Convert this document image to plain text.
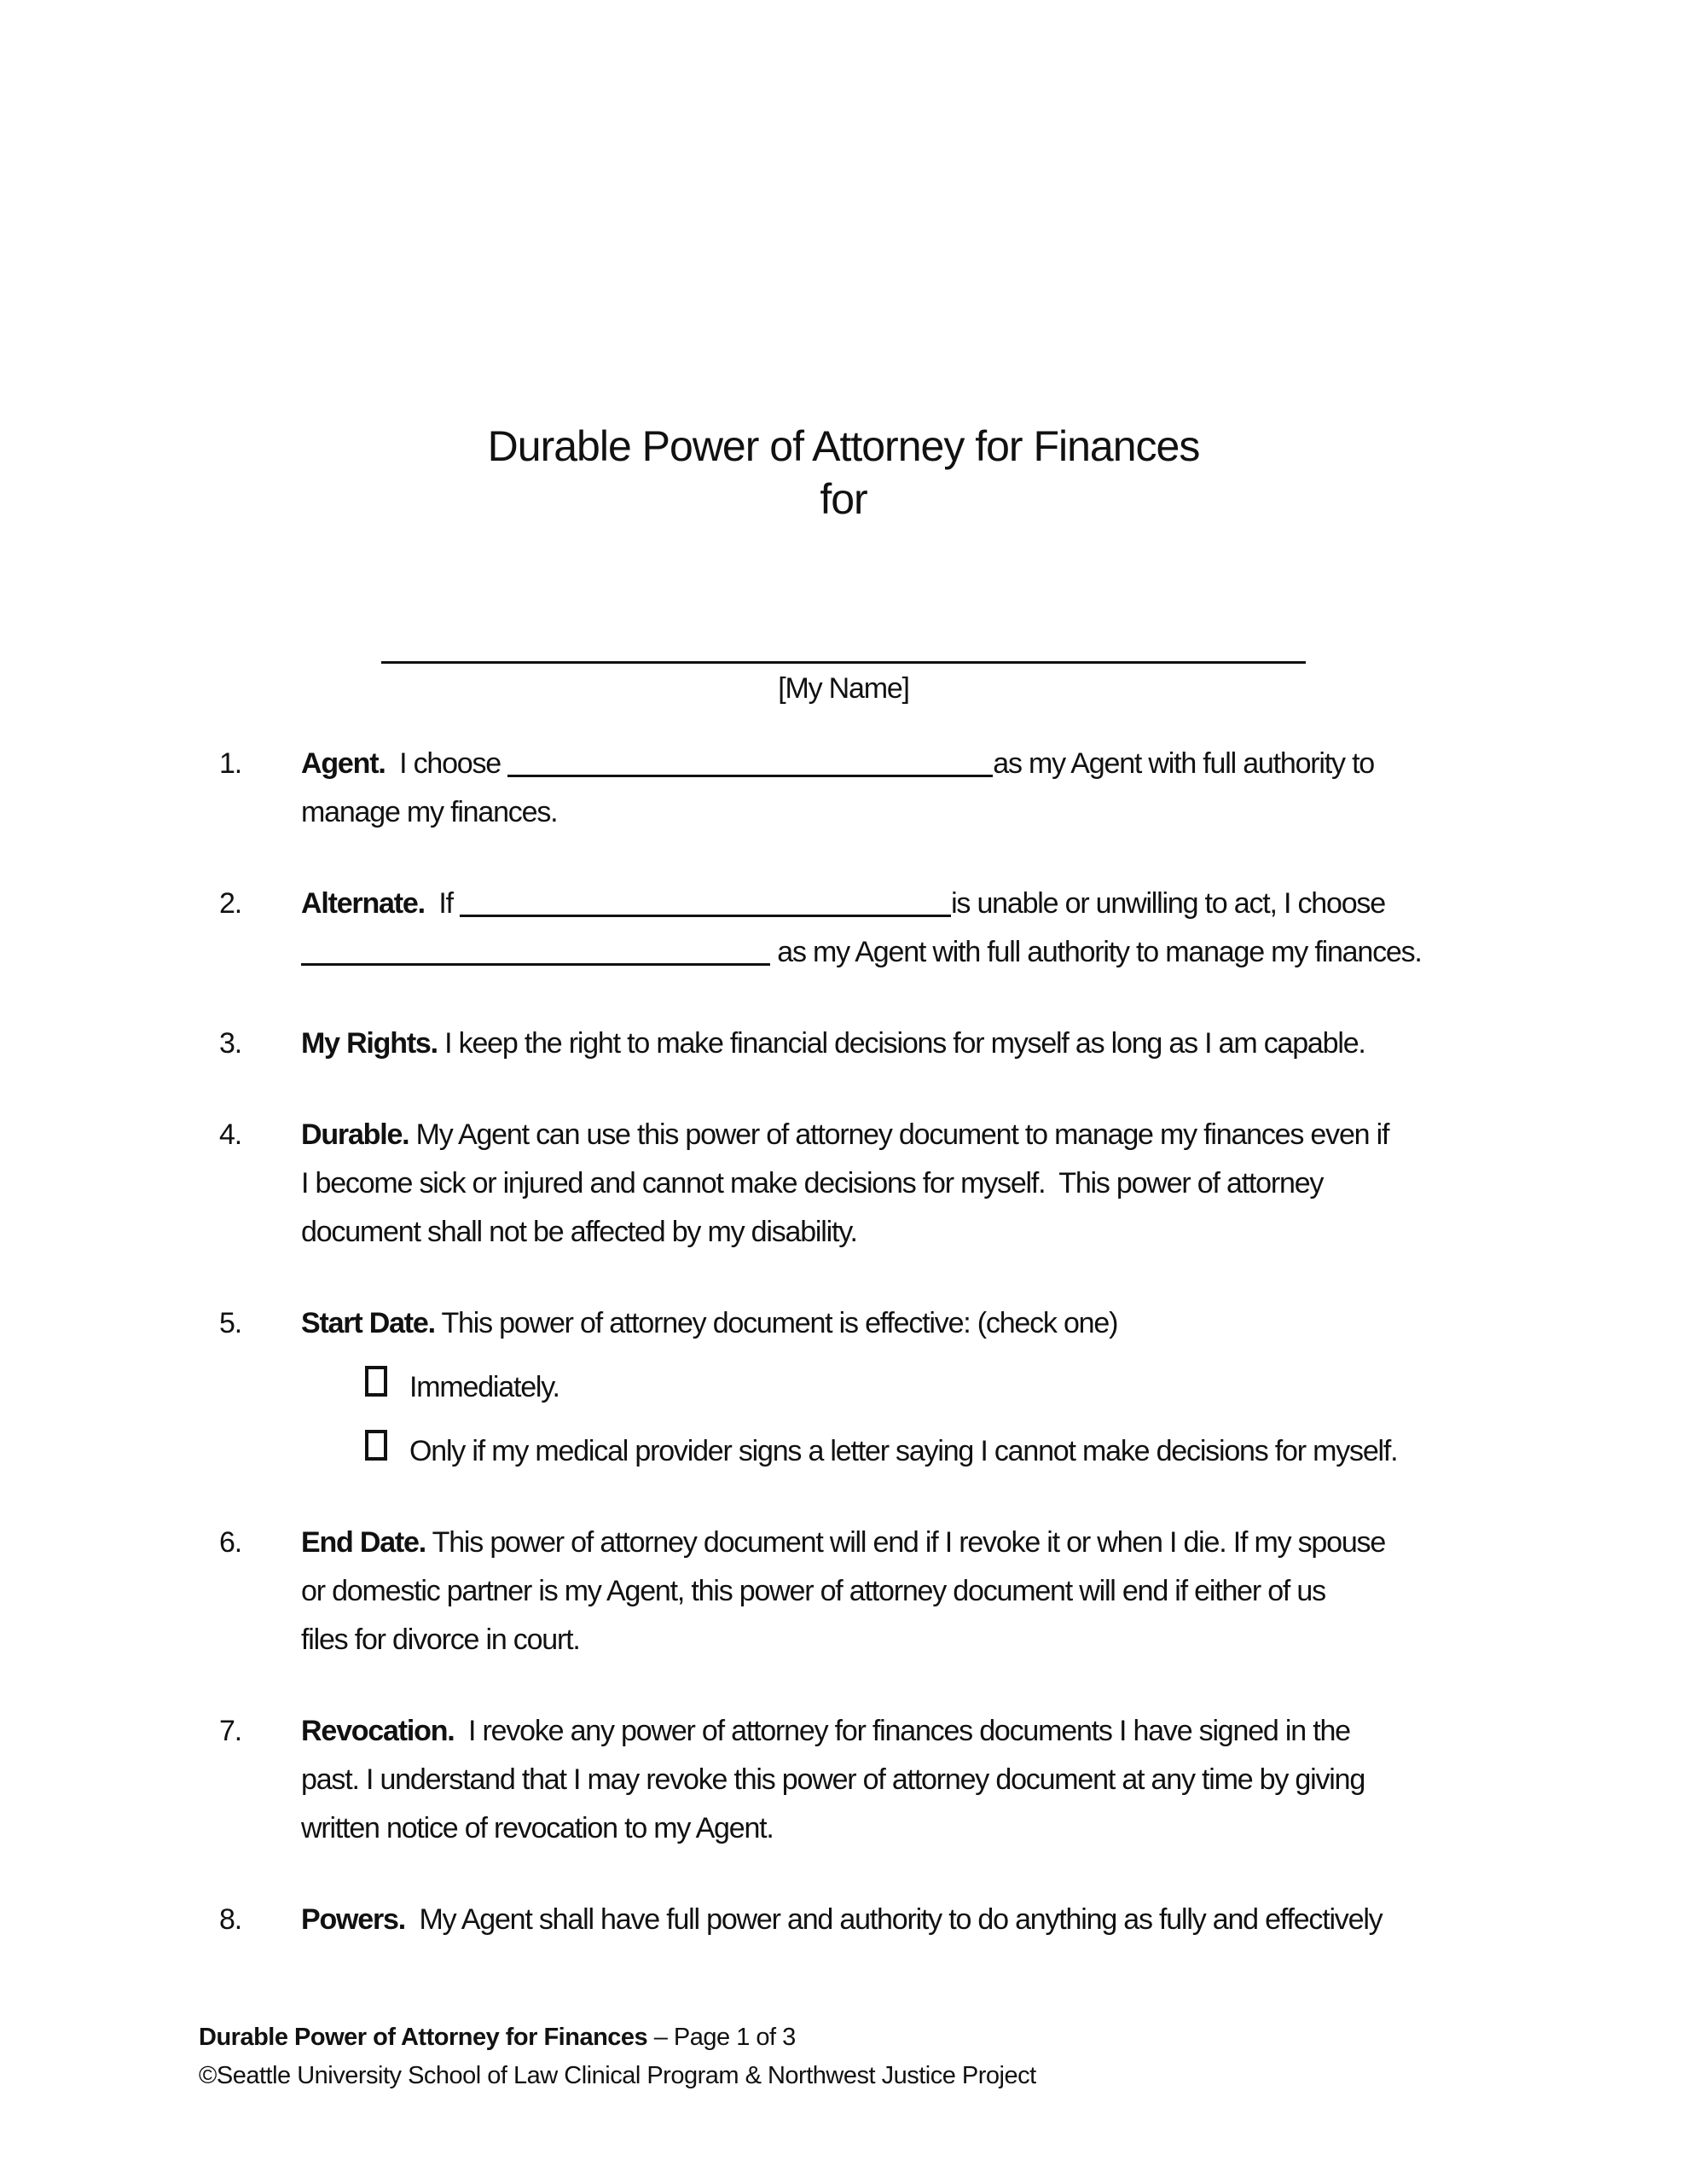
Durable Power of Attorney for Finances
for
[My Name]
1. Agent.  I choose	as my Agent with full authority to
manage my finances.
2. Alternate.  If	is unable or unwilling to act, I choose
as my Agent with full authority to manage my finances.
3. My Rights. I keep the right to make financial decisions for myself as long as I am capable.
4. Durable. My Agent can use this power of attorney document to manage my finances even if
I become sick or injured and cannot make decisions for myself.  This power of attorney
document shall not be affected by my disability.
5. Start Date. This power of attorney document is effective: (check one)
Immediately.
Only if my medical provider signs a letter saying I cannot make decisions for myself.
6. End Date. This power of attorney document will end if I revoke it or when I die. If my spouse
or domestic partner is my Agent, this power of attorney document will end if either of us
files for divorce in court.
7. Revocation.  I revoke any power of attorney for finances documents I have signed in the
past. I understand that I may revoke this power of attorney document at any time by giving
written notice of revocation to my Agent.
8. Powers.  My Agent shall have full power and authority to do anything as fully and effectively
Durable Power of Attorney for Finances – Page 1 of 3
©Seattle University School of Law Clinical Program & Northwest Justice Project
